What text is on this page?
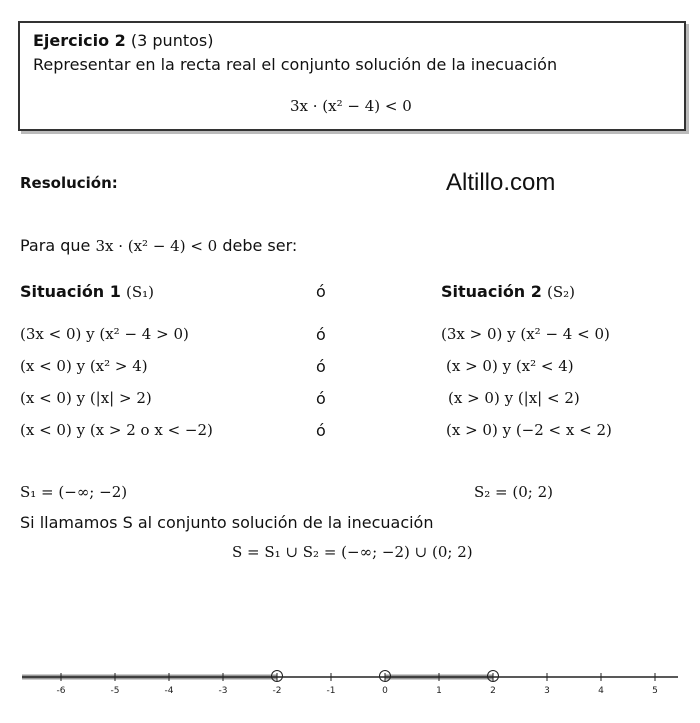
Ejercicio 2 (3 puntos)
Representar en la recta real el conjunto solución de la inecuación
3x · (x² − 4) < 0
Resolución:	Altillo.com
Para que 3x · (x² − 4) < 0 debe ser:
Situación 1 (S₁)	ó	Situación 2 (S₂)
(3x < 0) y (x² − 4 > 0)	ó	(3x > 0) y (x² − 4 < 0)
(x < 0) y (x² > 4)	ó	(x > 0) y (x² < 4)
(x < 0) y (|x| > 2)	ó	(x > 0) y (|x| < 2)
(x < 0) y (x > 2 o x < −2)	ó	(x > 0) y (−2 < x < 2)
S₁ = (−∞; −2)	S₂ = (0; 2)
Si llamamos S al conjunto solución de la inecuación
S = S₁ ∪ S₂ = (−∞; −2) ∪ (0; 2)
-6	-5	-4	-3	-2	-1	0	1	2	3	4	5
